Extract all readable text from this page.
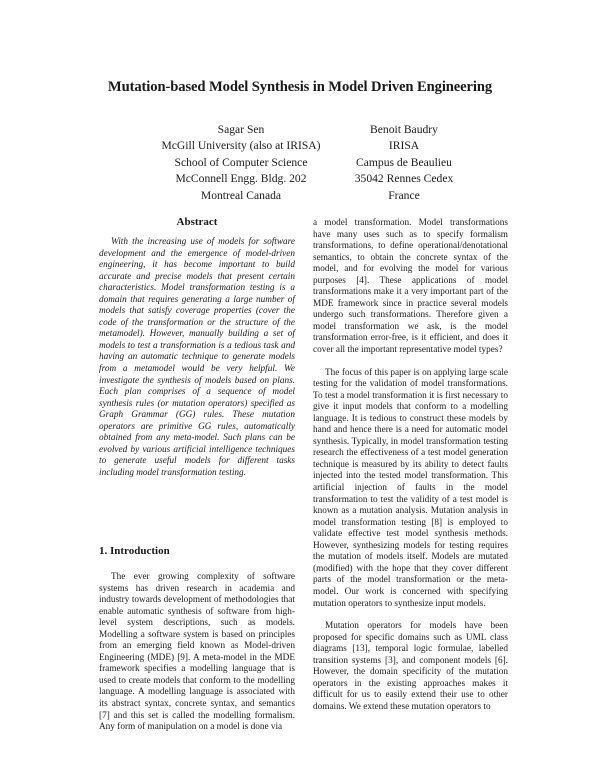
Mutation-based Model Synthesis in Model Driven Engineering
Sagar Sen
McGill University (also at IRISA)
School of Computer Science
McConnell Engg. Bldg. 202
Montreal Canada
Benoit Baudry
IRISA
Campus de Beaulieu
35042 Rennes Cedex
France
Abstract

With the increasing use of models for software development and the emergence of model-driven engineering, it has become important to build accurate and precise models that present certain characteristics. Model transformation testing is a domain that requires generating a large number of models that satisfy coverage properties (cover the code of the transformation or the structure of the metamodel). However, manually building a set of models to test a transformation is a tedious task and having an automatic technique to generate models from a metamodel would be very helpful. We investigate the synthesis of models based on plans. Each plan comprises of a sequence of model synthesis rules (or mutation operators) specified as Graph Grammar (GG) rules. These mutation operators are primitive GG rules, automatically obtained from any meta-model. Such plans can be evolved by various artificial intelligence techniques to generate useful models for different tasks including model transformation testing.

1. Introduction

The ever growing complexity of software systems has driven research in academia and industry towards development of methodologies that enable automatic synthesis of software from high-level system descriptions, such as models. Modelling a software system is based on principles from an emerging field known as Model-driven Engineering (MDE) [9]. A meta-model in the MDE framework specifies a modelling language that is used to create models that conform to the modelling language. A modelling language is associated with its abstract syntax, concrete syntax, and semantics [7] and this set is called the modelling formalism. Any form of manipulation on a model is done via

a model transformation. Model transformations have many uses such as to specify formalism transformations, to define operational/denotational semantics, to obtain the concrete syntax of the model, and for evolving the model for various purposes [4]. These applications of model transformations make it a very important part of the MDE framework since in practice several models undergo such transformations. Therefore given a model transformation we ask, is the model transformation error-free, is it efficient, and does it cover all the important representative model types?

The focus of this paper is on applying large scale testing for the validation of model transformations. To test a model transformation it is first necessary to give it input models that conform to a modelling language. It is tedious to construct these models by hand and hence there is a need for automatic model synthesis. Typically, in model transformation testing research the effectiveness of a test model generation technique is measured by its ability to detect faults injected into the tested model transformation. This artificial injection of faults in the model transformation to test the validity of a test model is known as a mutation analysis. Mutation analysis in model transformation testing [8] is employed to validate effective test model synthesis methods. However, synthesizing models for testing requires the mutation of models itself. Models are mutated (modified) with the hope that they cover different parts of the model transformation or the meta-model. Our work is concerned with specifying mutation operators to synthesize input models.

Mutation operators for models have been proposed for specific domains such as UML class diagrams [13], temporal logic formulae, labelled transition systems [3], and component models [6]. However, the domain specificity of the mutation operators in the existing approaches makes it difficult for us to easily extend their use to other domains. We extend these mutation operators to
